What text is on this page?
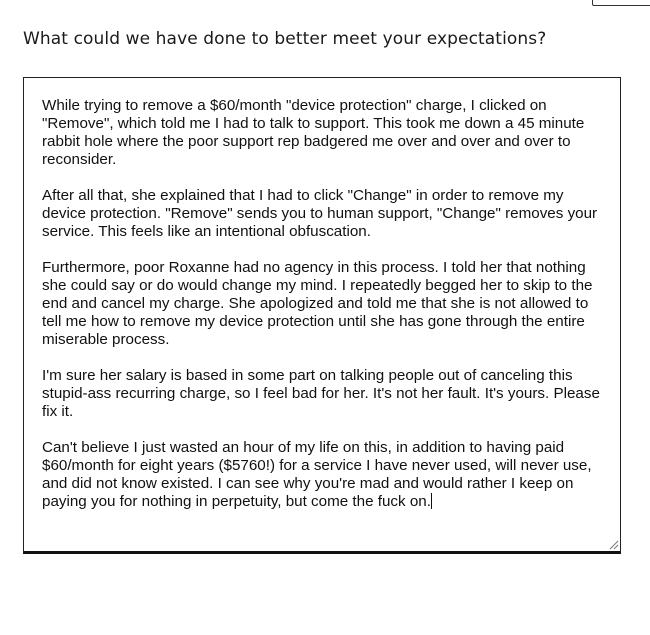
What could we have done to better meet your expectations?

While trying to remove a $60/month "device protection" charge, I clicked on "Remove", which told me I had to talk to support. This took me down a 45 minute rabbit hole where the poor support rep badgered me over and over and over to reconsider.

After all that, she explained that I had to click "Change" in order to remove my device protection. "Remove" sends you to human support, "Change" removes your service. This feels like an intentional obfuscation.

Furthermore, poor Roxanne had no agency in this process. I told her that nothing she could say or do would change my mind. I repeatedly begged her to skip to the end and cancel my charge. She apologized and told me that she is not allowed to tell me how to remove my device protection until she has gone through the entire miserable process.

I'm sure her salary is based in some part on talking people out of canceling this stupid-ass recurring charge, so I feel bad for her. It's not her fault. It's yours. Please fix it.

Can't believe I just wasted an hour of my life on this, in addition to having paid $60/month for eight years ($5760!) for a service I have never used, will never use, and did not know existed. I can see why you're mad and would rather I keep on paying you for nothing in perpetuity, but come the fuck on.
